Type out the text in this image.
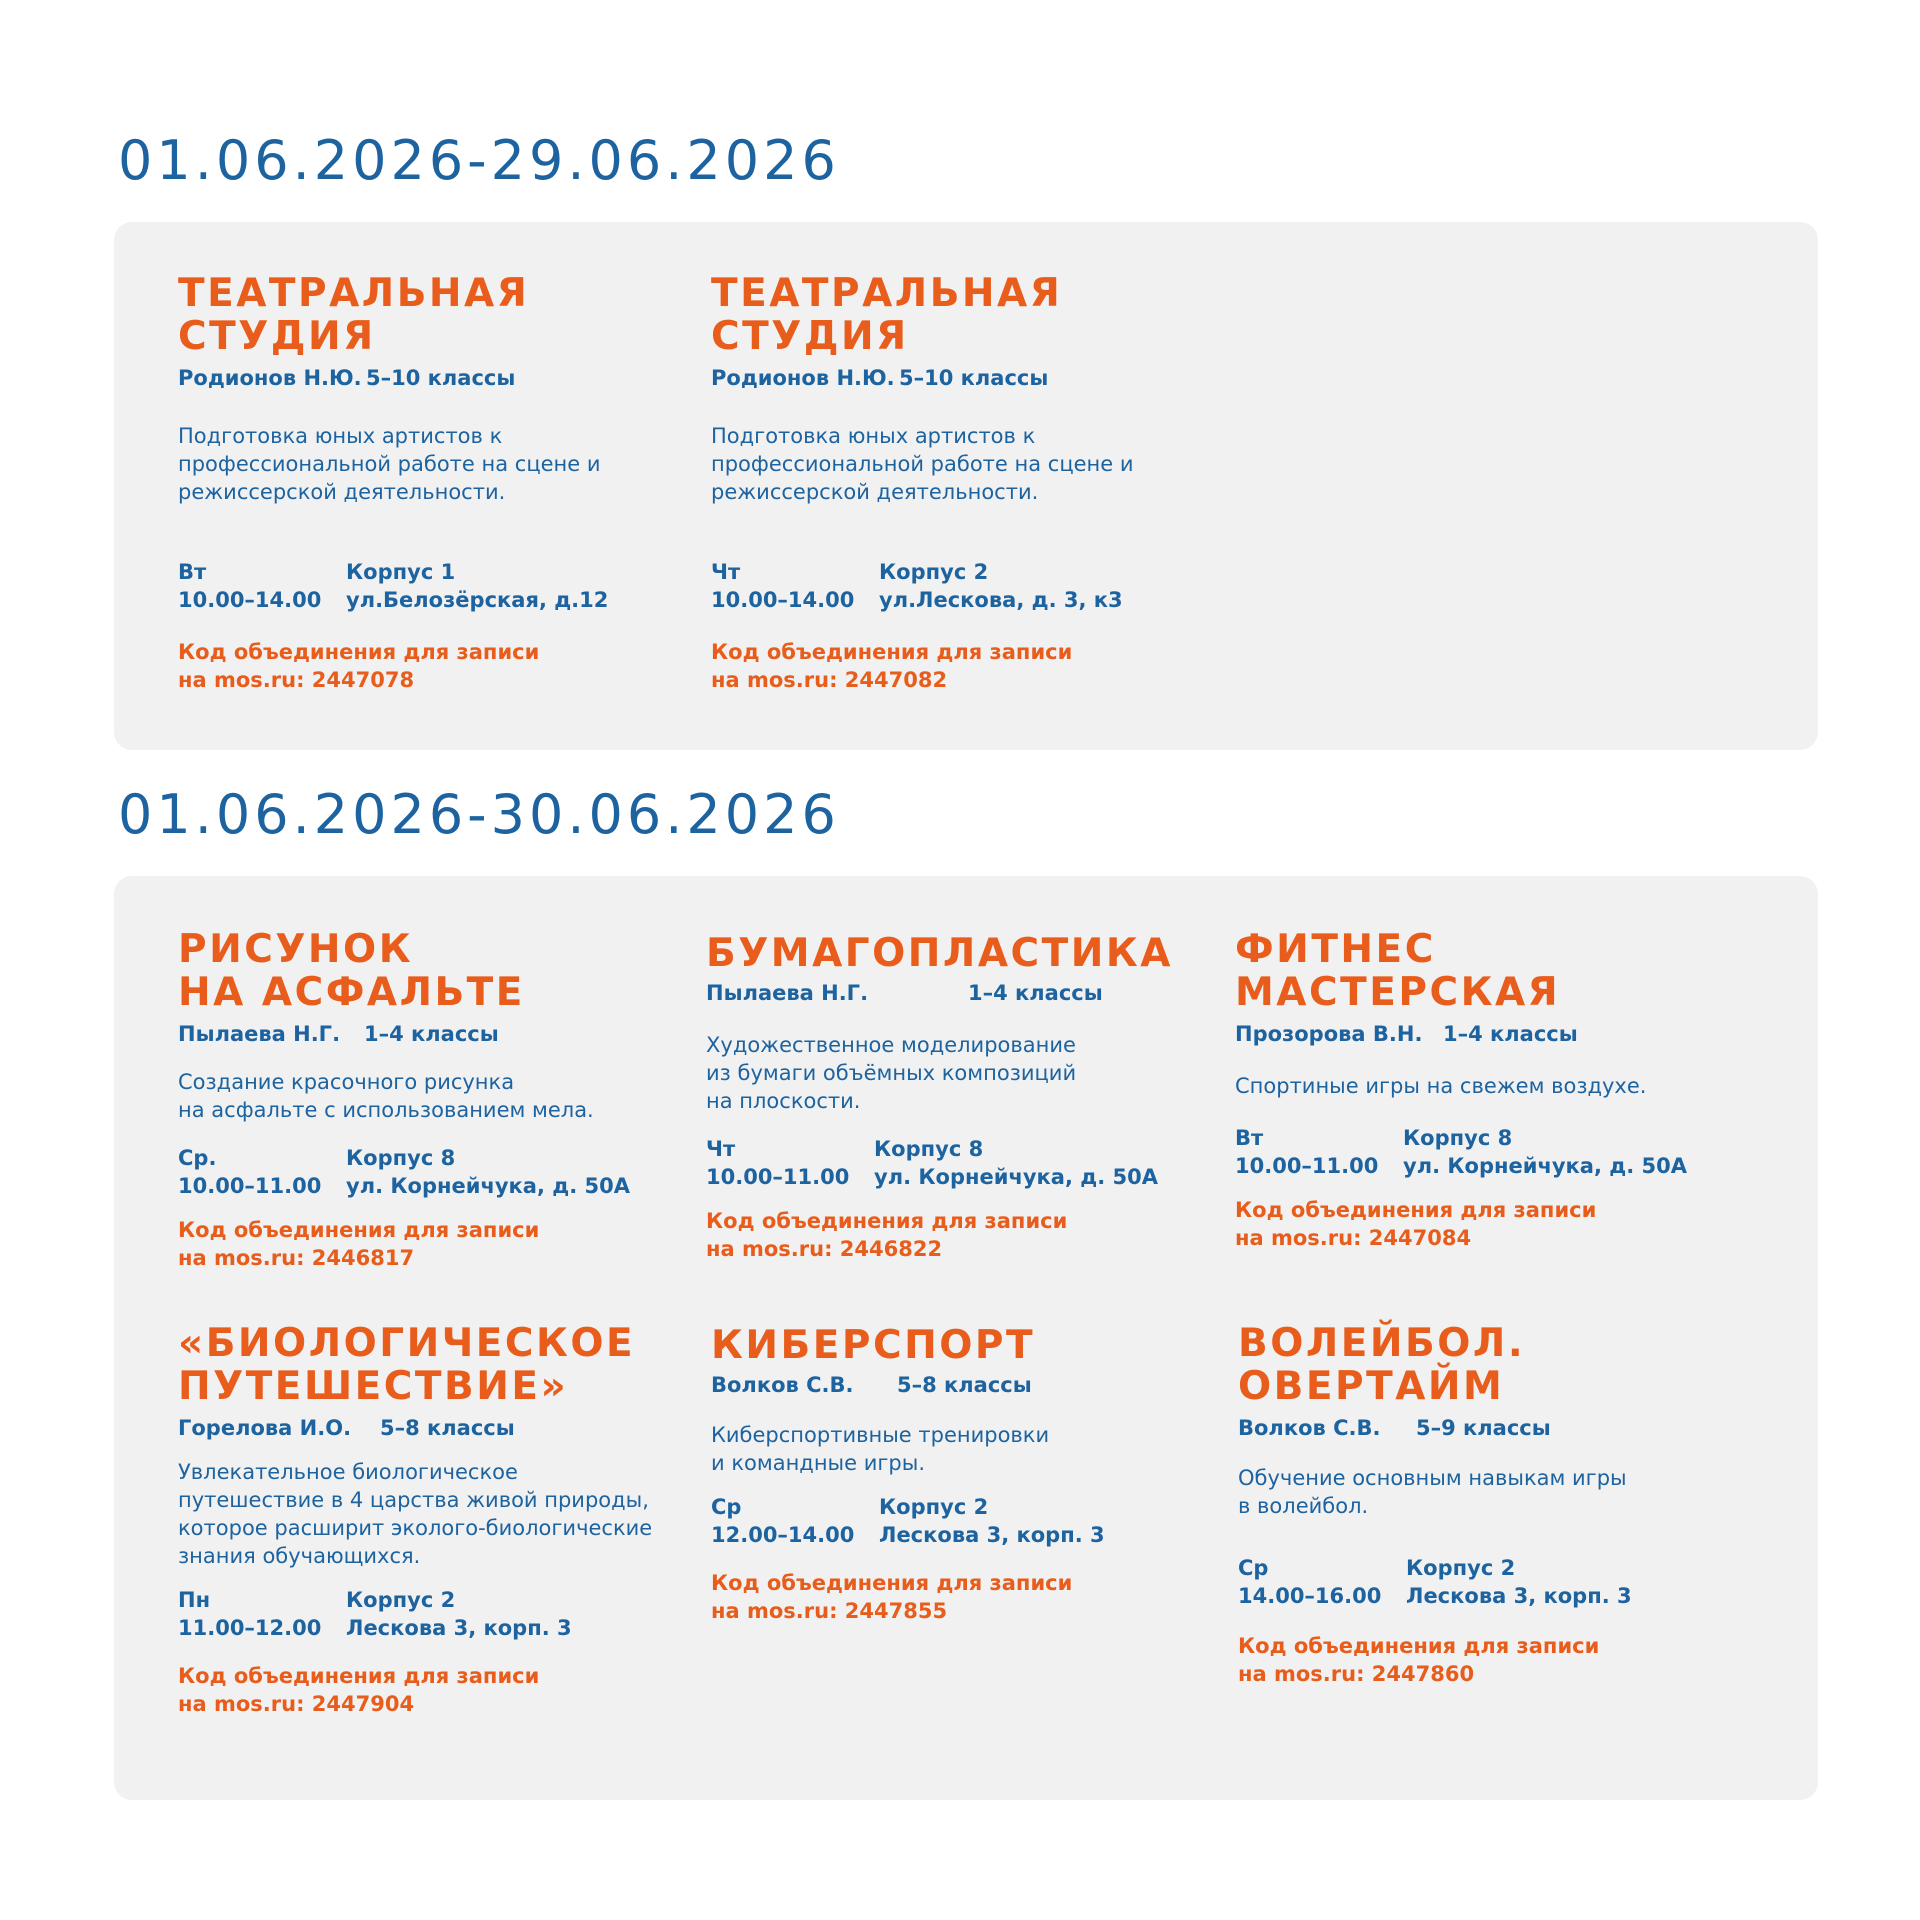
01.06.2026-29.06.2026
ТЕАТРАЛЬНАЯ
СТУДИЯ
Родионов Н.Ю. 5–10 классы
Подготовка юных артистов к
профессиональной работе на сцене и
режиссерской деятельности.
Вт
10.00–14.00
Корпус 1
ул.Белозёрская, д.12
Код объединения для записи
на mos.ru: 2447078
ТЕАТРАЛЬНАЯ
СТУДИЯ
Родионов Н.Ю. 5–10 классы
Подготовка юных артистов к
профессиональной работе на сцене и
режиссерской деятельности.
Чт
10.00–14.00
Корпус 2
ул.Лескова, д. 3, к3
Код объединения для записи
на mos.ru: 2447082
01.06.2026-30.06.2026
РИСУНОК
НА АСФАЛЬТЕ
Пылаева Н.Г.	1–4 классы
Создание красочного рисунка
на асфальте с использованием мела.
Ср.
10.00–11.00
Корпус 8
ул. Корнейчука, д. 50А
Код объединения для записи
на mos.ru: 2446817
БУМАГОПЛАСТИКА
Пылаева Н.Г.	1–4 классы
Художественное моделирование
из бумаги объёмных композиций
на плоскости.
Чт
10.00–11.00
Корпус 8
ул. Корнейчука, д. 50А
Код объединения для записи
на mos.ru: 2446822
ФИТНЕС
МАСТЕРСКАЯ
Прозорова В.Н. 1–4 классы
Спортиные игры на свежем воздухе.
Вт
10.00–11.00
Корпус 8
ул. Корнейчука, д. 50А
Код объединения для записи
на mos.ru: 2447084
«БИОЛОГИЧЕСКОЕ
ПУТЕШЕСТВИЕ»
Горелова И.О.	5–8 классы
Увлекательное биологическое
путешествие в 4 царства живой природы,
которое расширит эколого-биологические
знания обучающихся.
Пн
11.00–12.00
Корпус 2
Лескова 3, корп. 3
Код объединения для записи
на mos.ru: 2447904
КИБЕРСПОРТ
Волков С.В.	5–8 классы
Киберспортивные тренировки
и командные игры.
Ср
12.00–14.00
Корпус 2
Лескова 3, корп. 3
Код объединения для записи
на mos.ru: 2447855
ВОЛЕЙБОЛ.
ОВЕРТАЙМ
Волков С.В.	5–9 классы
Обучение основным навыкам игры
в волейбол.
Ср
14.00–16.00
Корпус 2
Лескова 3, корп. 3
Код объединения для записи
на mos.ru: 2447860
